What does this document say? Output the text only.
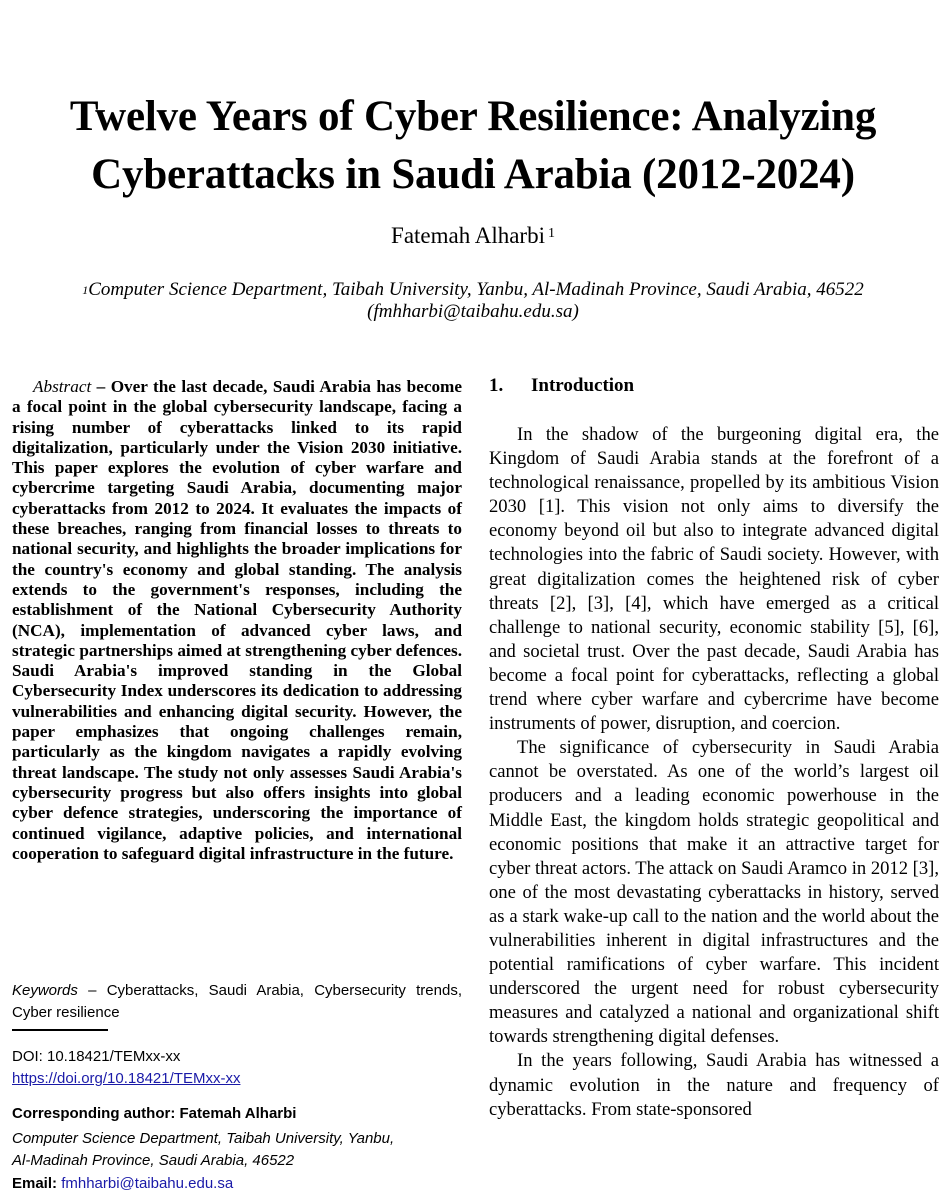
Twelve Years of Cyber Resilience: Analyzing
Cyberattacks in Saudi Arabia (2012-2024)
Fatemah Alharbi $^1$
$^1$Computer Science Department, Taibah University, Yanbu, Al-Madinah Province, Saudi Arabia, 46522
(fmhharbi@taibahu.edu.sa)

Abstract – Over the last decade, Saudi Arabia has become a focal point in the global cybersecurity landscape, facing a rising number of cyberattacks linked to its rapid digitalization, particularly under the Vision 2030 initiative. This paper explores the evolution of cyber warfare and cybercrime targeting Saudi Arabia, documenting major cyberattacks from 2012 to 2024. It evaluates the impacts of these breaches, ranging from financial losses to threats to national security, and highlights the broader implications for the country's economy and global standing. The analysis extends to the government's responses, including the establishment of the National Cybersecurity Authority (NCA), implementation of advanced cyber laws, and strategic partnerships aimed at strengthening cyber defences. Saudi Arabia's improved standing in the Global Cybersecurity Index underscores its dedication to addressing vulnerabilities and enhancing digital security. However, the paper emphasizes that ongoing challenges remain, particularly as the kingdom navigates a rapidly evolving threat landscape. The study not only assesses Saudi Arabia's cybersecurity progress but also offers insights into global cyber defence strategies, underscoring the importance of continued vigilance, adaptive policies, and international cooperation to safeguard digital infrastructure in the future.

Keywords – Cyberattacks, Saudi Arabia, Cybersecurity trends, Cyber resilience
DOI: 10.18421/TEMxx-xx
https://doi.org/10.18421/TEMxx-xx
Corresponding author: Fatemah Alharbi
Computer Science Department, Taibah University, Yanbu,
Al-Madinah Province, Saudi Arabia, 46522
Email: fmhharbi@taibahu.edu.sa
1. Introduction

In the shadow of the burgeoning digital era, the Kingdom of Saudi Arabia stands at the forefront of a technological renaissance, propelled by its ambitious Vision 2030 [1]. This vision not only aims to diversify the economy beyond oil but also to integrate advanced digital technologies into the fabric of Saudi society. However, with great digitalization comes the heightened risk of cyber threats [2], [3], [4], which have emerged as a critical challenge to national security, economic stability [5], [6], and societal trust. Over the past decade, Saudi Arabia has become a focal point for cyberattacks, reflecting a global trend where cyber warfare and cybercrime have become instruments of power, disruption, and coercion.

The significance of cybersecurity in Saudi Arabia cannot be overstated. As one of the world’s largest oil producers and a leading economic powerhouse in the Middle East, the kingdom holds strategic geopolitical and economic positions that make it an attractive target for cyber threat actors. The attack on Saudi Aramco in 2012 [3], one of the most devastating cyberattacks in history, served as a stark wake-up call to the nation and the world about the vulnerabilities inherent in digital infrastructures and the potential ramifications of cyber warfare. This incident underscored the urgent need for robust cybersecurity measures and catalyzed a national and organizational shift towards strengthening digital defenses.

In the years following, Saudi Arabia has witnessed a dynamic evolution in the nature and frequency of cyberattacks. From state-sponsored
